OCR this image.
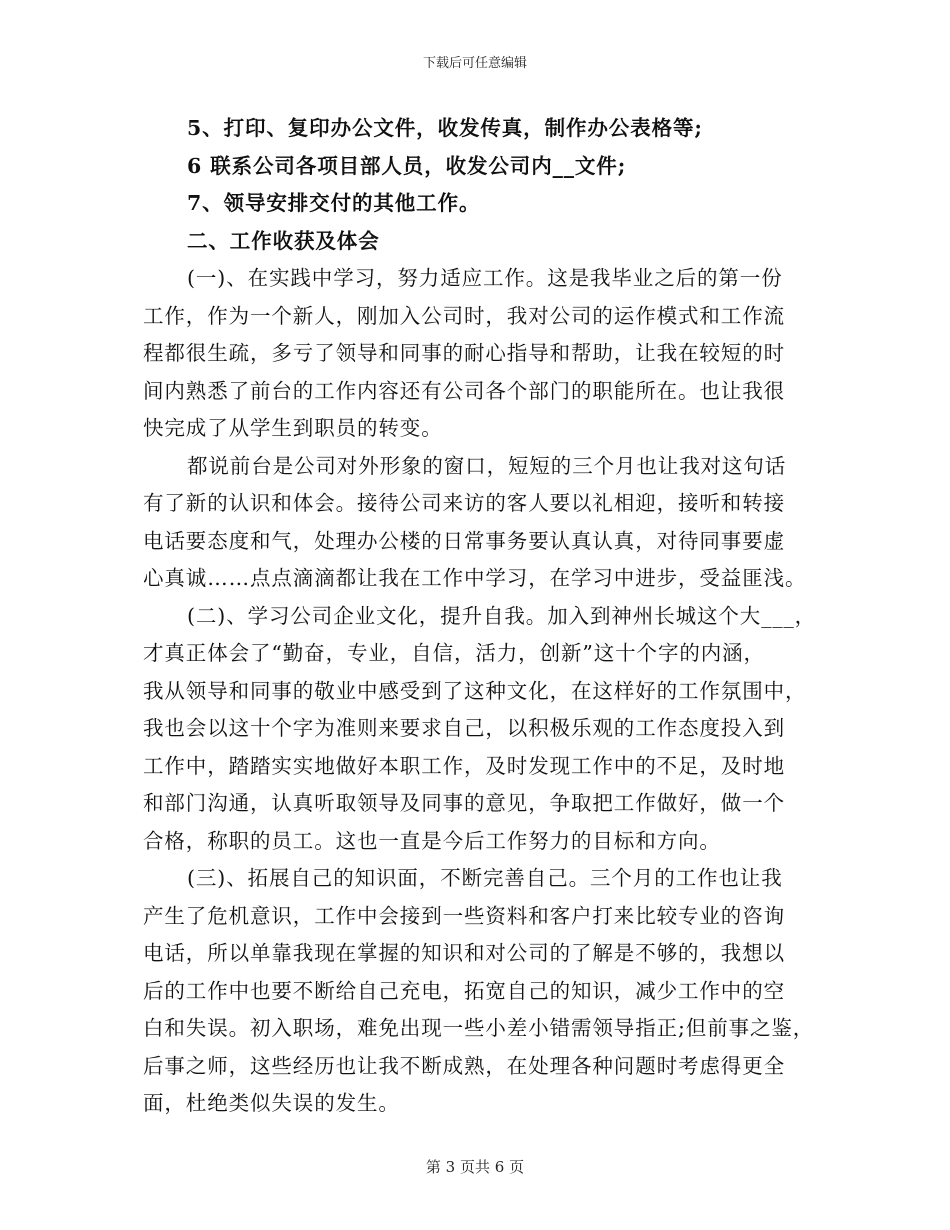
下载后可任意编辑
5、打印、复印办公文件，收发传真，制作办公表格等;
6 联系公司各项目部人员，收发公司内__文件;
7、领导安排交付的其他工作。
二、工作收获及体会
(一)、在实践中学习，努力适应工作。这是我毕业之后的第一份
工作，作为一个新人，刚加入公司时，我对公司的运作模式和工作流
程都很生疏，多亏了领导和同事的耐心指导和帮助，让我在较短的时
间内熟悉了前台的工作内容还有公司各个部门的职能所在。也让我很
快完成了从学生到职员的转变。
都说前台是公司对外形象的窗口，短短的三个月也让我对这句话
有了新的认识和体会。接待公司来访的客人要以礼相迎，接听和转接
电话要态度和气，处理办公楼的日常事务要认真认真，对待同事要虚
心真诚……点点滴滴都让我在工作中学习，在学习中进步，受益匪浅。
(二)、学习公司企业文化，提升自我。加入到神州长城这个大___，
才真正体会了“勤奋，专业，自信，活力，创新”这十个字的内涵，
我从领导和同事的敬业中感受到了这种文化，在这样好的工作氛围中，
我也会以这十个字为准则来要求自己，以积极乐观的工作态度投入到
工作中，踏踏实实地做好本职工作，及时发现工作中的不足，及时地
和部门沟通，认真听取领导及同事的意见，争取把工作做好，做一个
合格，称职的员工。这也一直是今后工作努力的目标和方向。
(三)、拓展自己的知识面，不断完善自己。三个月的工作也让我
产生了危机意识，工作中会接到一些资料和客户打来比较专业的咨询
电话，所以单靠我现在掌握的知识和对公司的了解是不够的，我想以
后的工作中也要不断给自己充电，拓宽自己的知识，减少工作中的空
白和失误。初入职场，难免出现一些小差小错需领导指正;但前事之鉴，
后事之师，这些经历也让我不断成熟，在处理各种问题时考虑得更全
面，杜绝类似失误的发生。
第 3 页共 6 页
